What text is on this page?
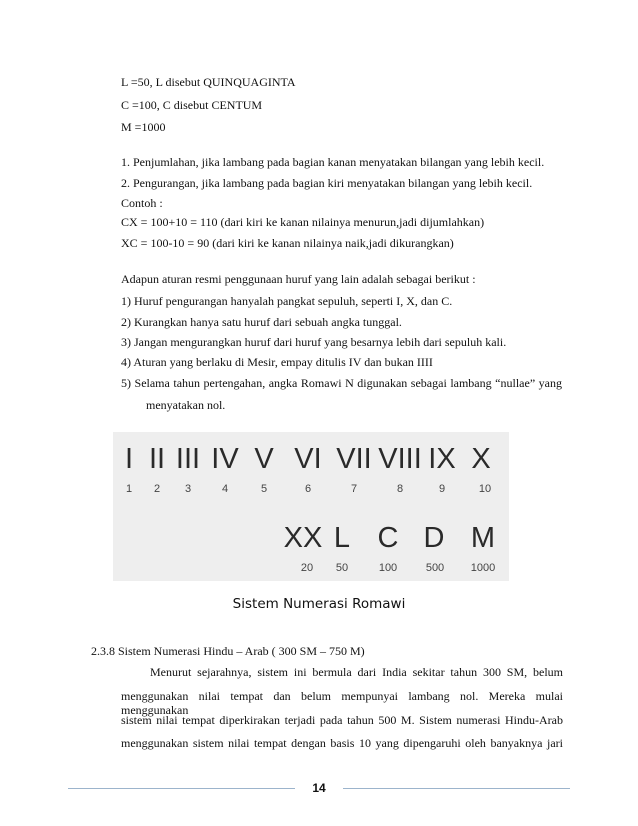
L =50, L disebut QUINQUAGINTA
C =100, C disebut CENTUM
M =1000
1. Penjumlahan, jika lambang pada bagian kanan menyatakan bilangan yang lebih kecil.
2. Pengurangan, jika lambang pada bagian kiri menyatakan bilangan yang lebih kecil.
Contoh :
CX = 100+10 = 110 (dari kiri ke kanan nilainya menurun,jadi dijumlahkan)
XC = 100-10 = 90 (dari kiri ke kanan nilainya naik,jadi dikurangkan)
Adapun aturan resmi penggunaan huruf yang lain adalah sebagai berikut :
1) Huruf pengurangan hanyalah pangkat sepuluh, seperti I, X, dan C.
2) Kurangkan hanya satu huruf dari sebuah angka tunggal.
3) Jangan mengurangkan huruf dari huruf yang besarnya lebih dari sepuluh kali.
4) Aturan yang berlaku di Mesir, empay ditulis IV dan bukan IIII
5) Selama tahun pertengahan, angka Romawi N digunakan sebagai lambang “nullae” yang
menyatakan nol.
I II III IV V VI VII VIII IX X
1 2 3	4	5	6	7	8	9	10
XX L C D M
20 50	100	500 1000
Sistem Numerasi Romawi
2.3.8 Sistem Numerasi Hindu – Arab ( 300 SM – 750 M)
Menurut sejarahnya, sistem ini bermula dari India sekitar tahun 300 SM, belum
menggunakan nilai tempat dan belum mempunyai lambang nol. Mereka mulai menggunakan
sistem nilai tempat diperkirakan terjadi pada tahun 500 M. Sistem numerasi Hindu-Arab
menggunakan sistem nilai tempat dengan basis 10 yang dipengaruhi oleh banyaknya jari
14
